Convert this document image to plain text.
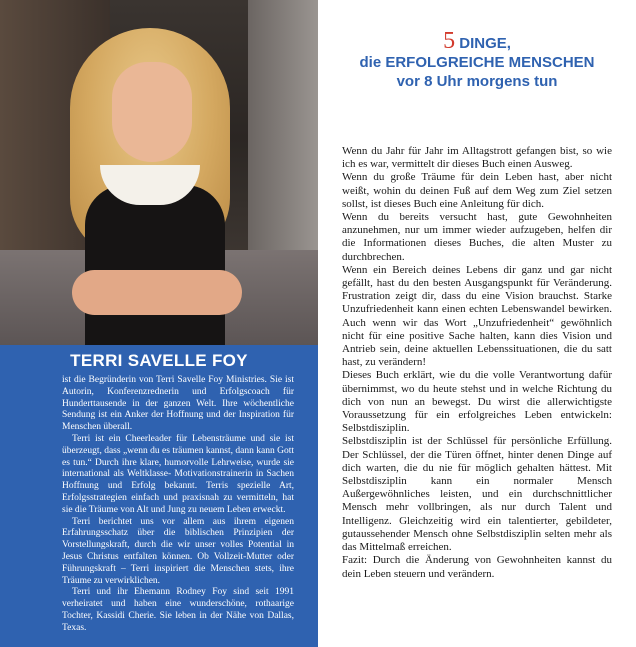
TERRI SAVELLE FOY

ist die Begründerin von Terri Savelle Foy Ministries. Sie ist Autorin, Konferenzrednerin und Erfolgscoach für Hunderttausende in der ganzen Welt. Ihre wöchentliche Sendung ist ein Anker der Hoffnung und der Inspiration für Menschen überall.

Terri ist ein Cheerleader für Lebensträume und sie ist überzeugt, dass „wenn du es träumen kannst, dann kann Gott es tun.“ Durch ihre klare, humorvolle Lehrweise, wurde sie international als Weltklasse- Motivationstrainerin in Sachen Hoffnung und Erfolg bekannt. Terris spezielle Art, Erfolgsstrategien einfach und praxisnah zu vermitteln, hat sie die Träume von Alt und Jung zu neuem Leben erweckt.

Terri berichtet uns vor allem aus ihrem eigenen Erfahrungsschatz über die biblischen Prinzipien der Vorstellungskraft, durch die wir unser volles Potential in Jesus Christus entfalten können. Ob Vollzeit-Mutter oder Führungskraft – Terri inspiriert die Menschen stets, ihre Träume zu verwirklichen.

Terri und ihr Ehemann Rodney Foy sind seit 1991 verheiratet und haben eine wunderschöne, rothaarige Tochter, Kassidi Cherie. Sie leben in der Nähe von Dallas, Texas.

5 DINGE,
die ERFOLGREICHE MENSCHEN
vor 8 Uhr morgens tun

Wenn du Jahr für Jahr im Alltagstrott gefangen bist, so wie ich es war, vermittelt dir dieses Buch einen Ausweg.

Wenn du große Träume für dein Leben hast, aber nicht weißt, wohin du deinen Fuß auf dem Weg zum Ziel setzen sollst, ist dieses Buch eine Anleitung für dich.

Wenn du bereits versucht hast, gute Gewohnheiten anzunehmen, nur um immer wieder aufzugeben, helfen dir die Informationen dieses Buches, die alten Muster zu durchbrechen.

Wenn ein Bereich deines Lebens dir ganz und gar nicht gefällt, hast du den besten Ausgangspunkt für Veränderung. Frustration zeigt dir, dass du eine Vision brauchst. Starke Unzufriedenheit kann einen echten Lebenswandel bewirken. Auch wenn wir das Wort „Unzufriedenheit“ gewöhnlich nicht für eine positive Sache halten, kann dies Vision und Antrieb sein, deine aktuellen Lebenssituationen, die du satt hast, zu verändern!

Dieses Buch erklärt, wie du die volle Verantwortung dafür übernimmst, wo du heute stehst und in welche Richtung du dich von nun an bewegst. Du wirst die allerwichtigste Voraussetzung für ein erfolgreiches Leben entwickeln: Selbstdisziplin.

Selbstdisziplin ist der Schlüssel für persönliche Erfüllung. Der Schlüssel, der die Türen öffnet, hinter denen Dinge auf dich warten, die du nie für möglich gehalten hättest. Mit Selbstdisziplin kann ein normaler Mensch Außergewöhnliches leisten, und ein durchschnittlicher Mensch mehr vollbringen, als nur durch Talent und Intelligenz. Gleichzeitig wird ein talentierter, gebildeter, gutaussehender Mensch ohne Selbstdisziplin selten mehr als das Mittelmaß erreichen.

Fazit: Durch die Änderung von Gewohnheiten kannst du dein Leben steuern und verändern.
